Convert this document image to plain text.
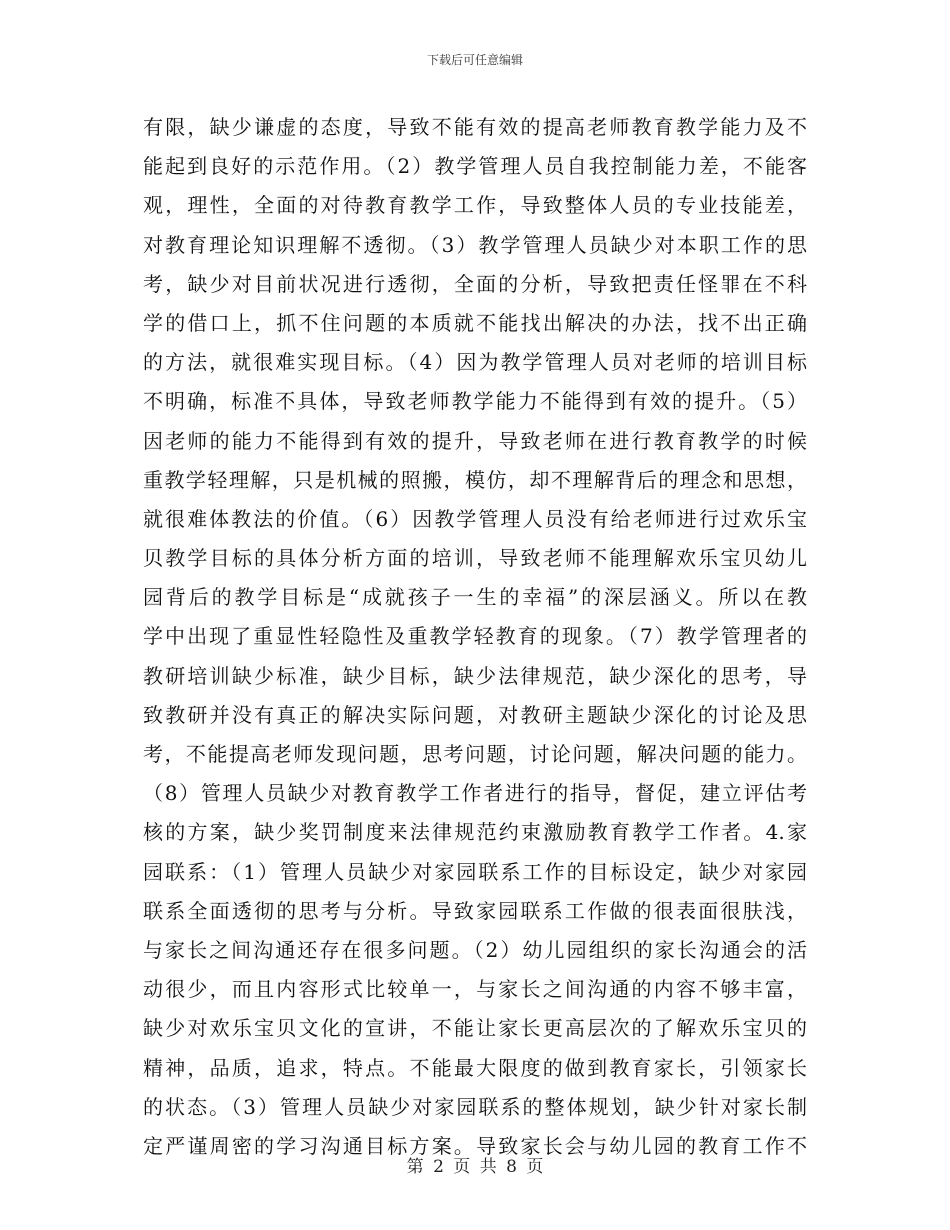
下载后可任意编辑
有限，缺少谦虚的态度，导致不能有效的提高老师教育教学能力及不
能起到良好的示范作用。（2）教学管理人员自我控制能力差，不能客
观，理性，全面的对待教育教学工作，导致整体人员的专业技能差，
对教育理论知识理解不透彻。（3）教学管理人员缺少对本职工作的思
考，缺少对目前状况进行透彻，全面的分析，导致把责任怪罪在不科
学的借口上，抓不住问题的本质就不能找出解决的办法，找不出正确
的方法，就很难实现目标。（4）因为教学管理人员对老师的培训目标
不明确，标准不具体，导致老师教学能力不能得到有效的提升。（5）
因老师的能力不能得到有效的提升，导致老师在进行教育教学的时候
重教学轻理解，只是机械的照搬，模仿，却不理解背后的理念和思想，
就很难体教法的价值。（6）因教学管理人员没有给老师进行过欢乐宝
贝教学目标的具体分析方面的培训，导致老师不能理解欢乐宝贝幼儿
园背后的教学目标是“成就孩子一生的幸福”的深层涵义。所以在教
学中出现了重显性轻隐性及重教学轻教育的现象。（7）教学管理者的
教研培训缺少标准，缺少目标，缺少法律规范，缺少深化的思考，导
致教研并没有真正的解决实际问题，对教研主题缺少深化的讨论及思
考，不能提高老师发现问题，思考问题，讨论问题，解决问题的能力。
（8）管理人员缺少对教育教学工作者进行的指导，督促，建立评估考
核的方案，缺少奖罚制度来法律规范约束激励教育教学工作者。4.家
园联系：（1）管理人员缺少对家园联系工作的目标设定，缺少对家园
联系全面透彻的思考与分析。导致家园联系工作做的很表面很肤浅，
与家长之间沟通还存在很多问题。（2）幼儿园组织的家长沟通会的活
动很少，而且内容形式比较单一，与家长之间沟通的内容不够丰富，
缺少对欢乐宝贝文化的宣讲，不能让家长更高层次的了解欢乐宝贝的
精神，品质，追求，特点。不能最大限度的做到教育家长，引领家长
的状态。（3）管理人员缺少对家园联系的整体规划，缺少针对家长制
定严谨周密的学习沟通目标方案。导致家长会与幼儿园的教育工作不
第 2 页 共 8 页
